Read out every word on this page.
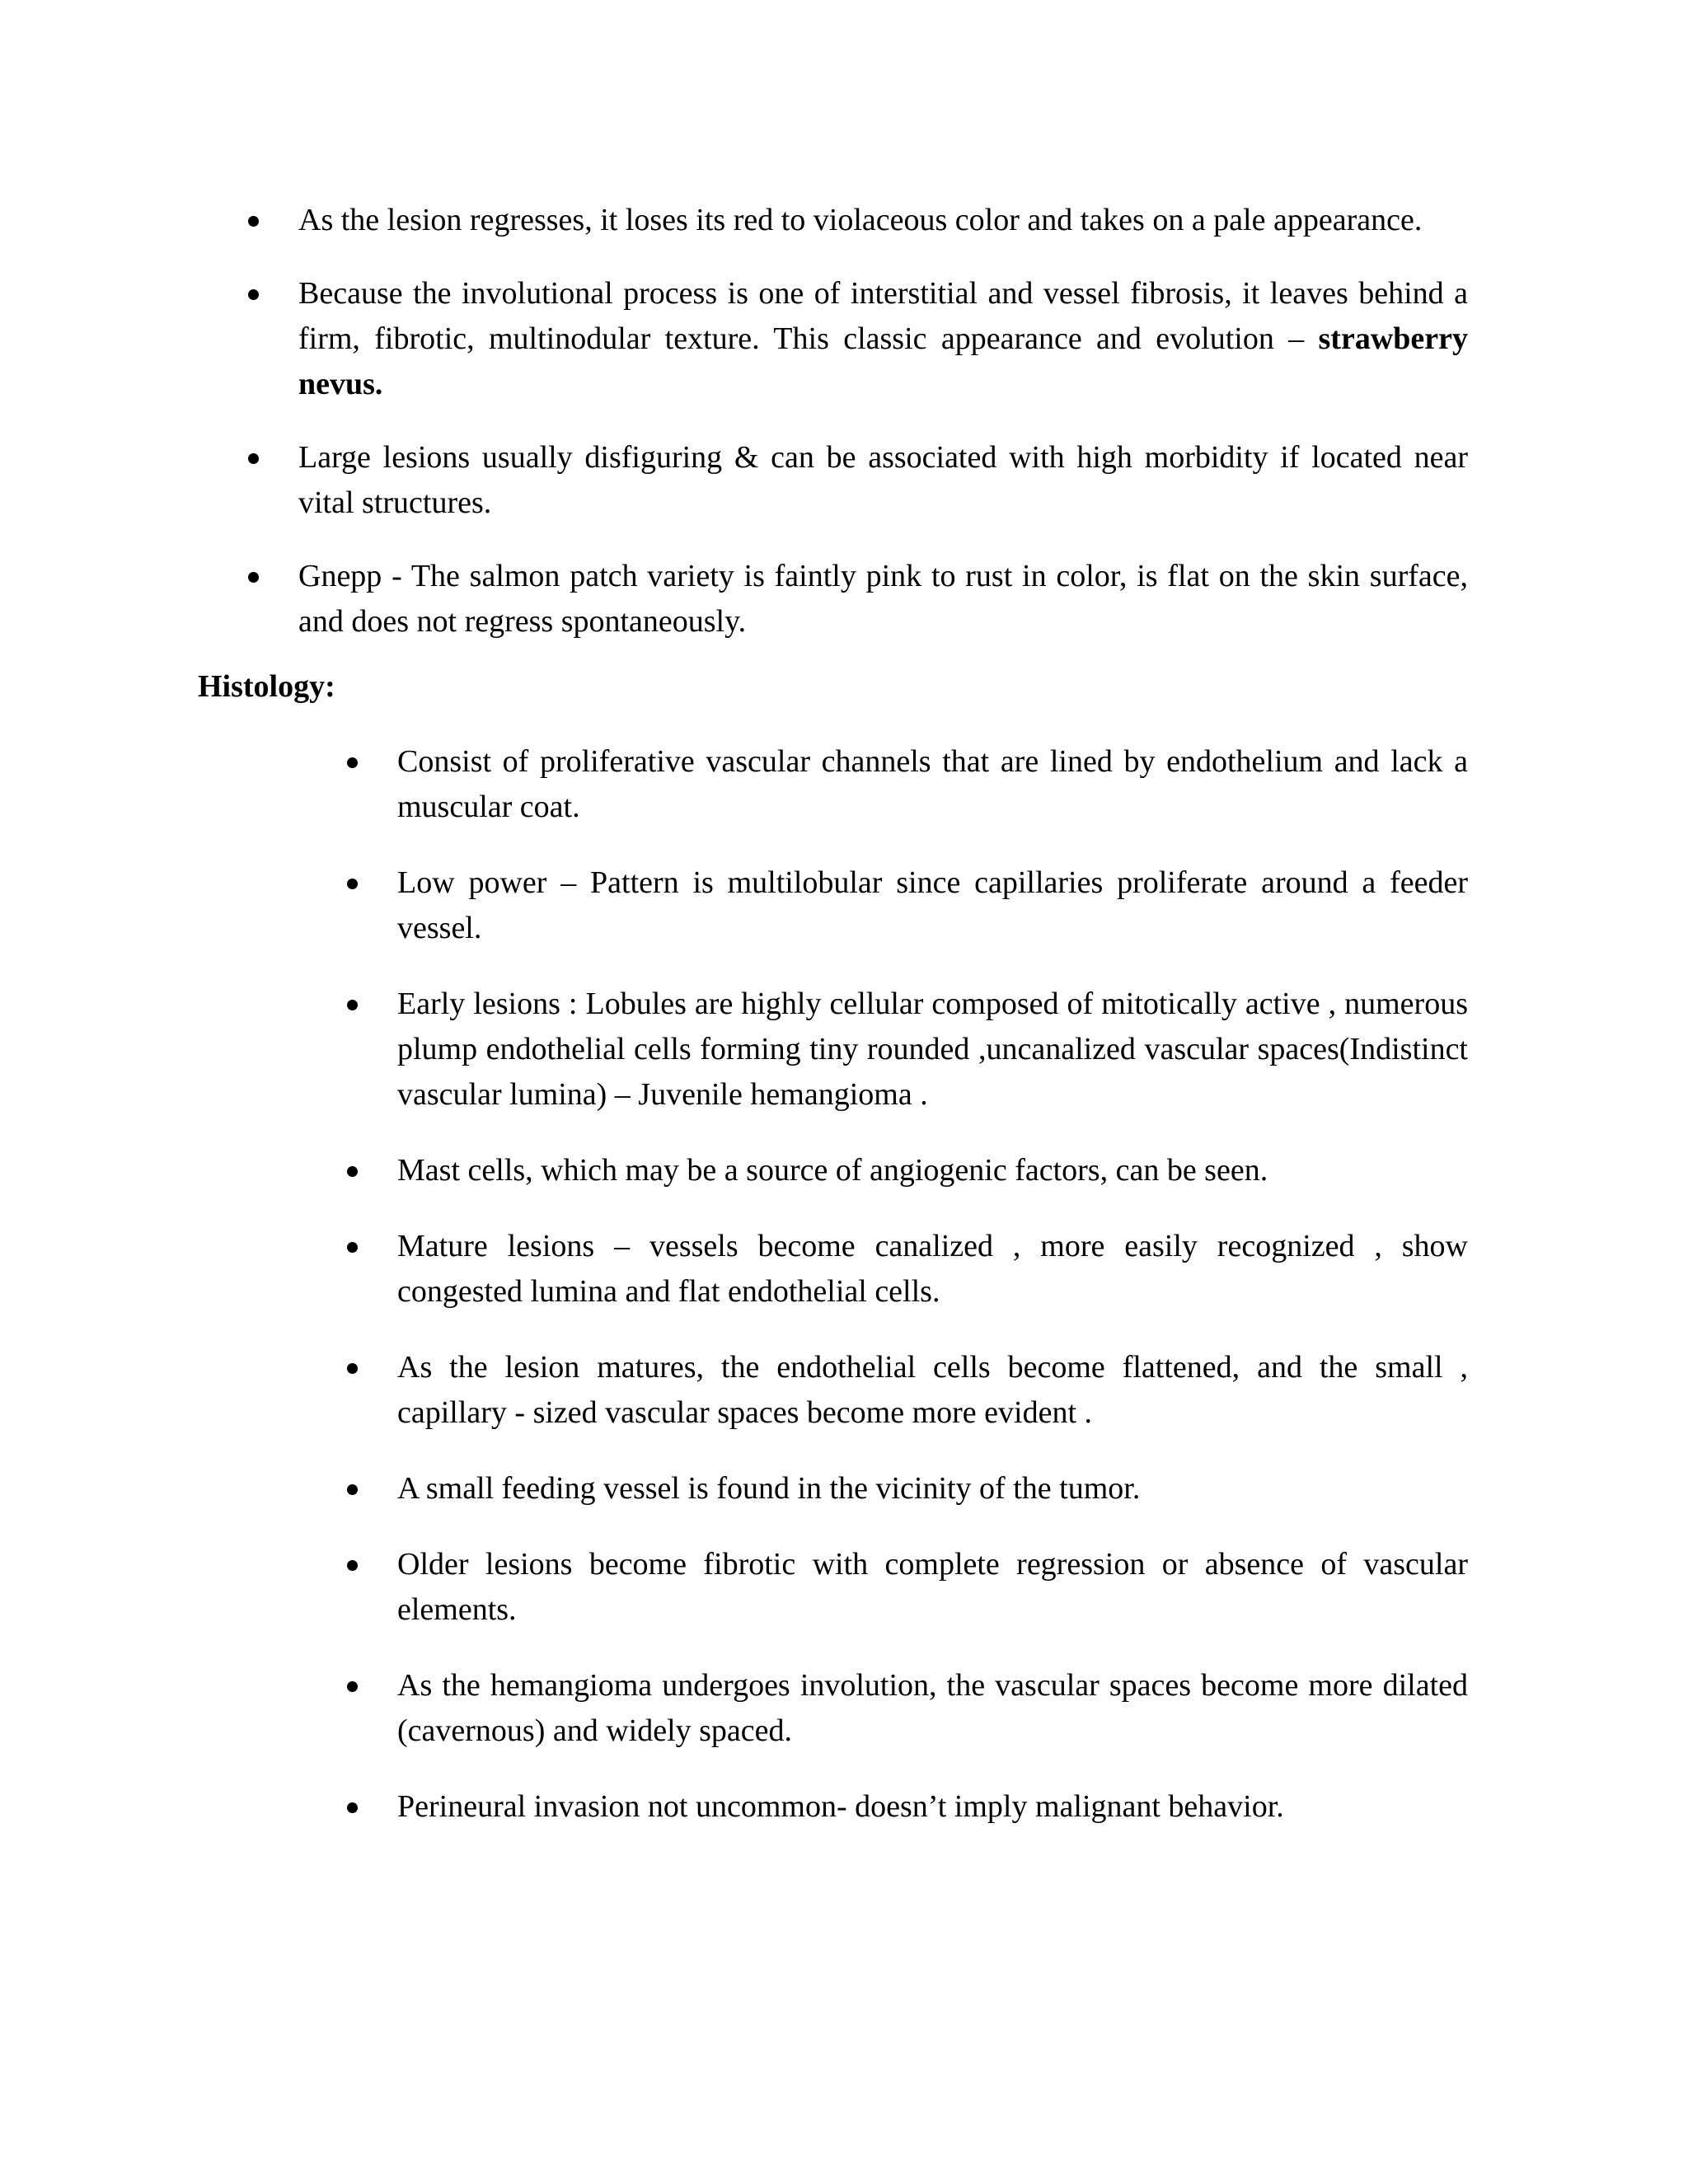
As the lesion regresses, it loses its red to violaceous color and takes on a pale appearance.
Because the involutional process is one of interstitial and vessel fibrosis, it leaves behind a firm, fibrotic, multinodular texture. This classic appearance and evolution – strawberry nevus.
Large lesions usually disfiguring & can be associated with high morbidity if located near vital structures.
Gnepp - The salmon patch variety is faintly pink to rust in color, is flat on the skin surface, and does not regress spontaneously.
Histology:
Consist of proliferative vascular channels that are lined by endothelium and lack a muscular coat.
Low power – Pattern is multilobular since capillaries proliferate around a feeder vessel.
Early lesions : Lobules are highly cellular composed of mitotically active , numerous plump endothelial cells forming tiny rounded ,uncanalized vascular spaces(Indistinct vascular lumina) – Juvenile hemangioma .
Mast cells, which may be a source of angiogenic factors, can be seen.
Mature lesions – vessels become canalized , more easily recognized , show congested lumina and flat endothelial cells.
As the lesion matures, the endothelial cells become flattened, and the small , capillary - sized vascular spaces become more evident .
A small feeding vessel is found in the vicinity of the tumor.
Older lesions become fibrotic with complete regression or absence of vascular elements.
As the hemangioma undergoes involution, the vascular spaces become more dilated (cavernous) and widely spaced.
Perineural invasion not uncommon- doesn’t imply malignant behavior.
